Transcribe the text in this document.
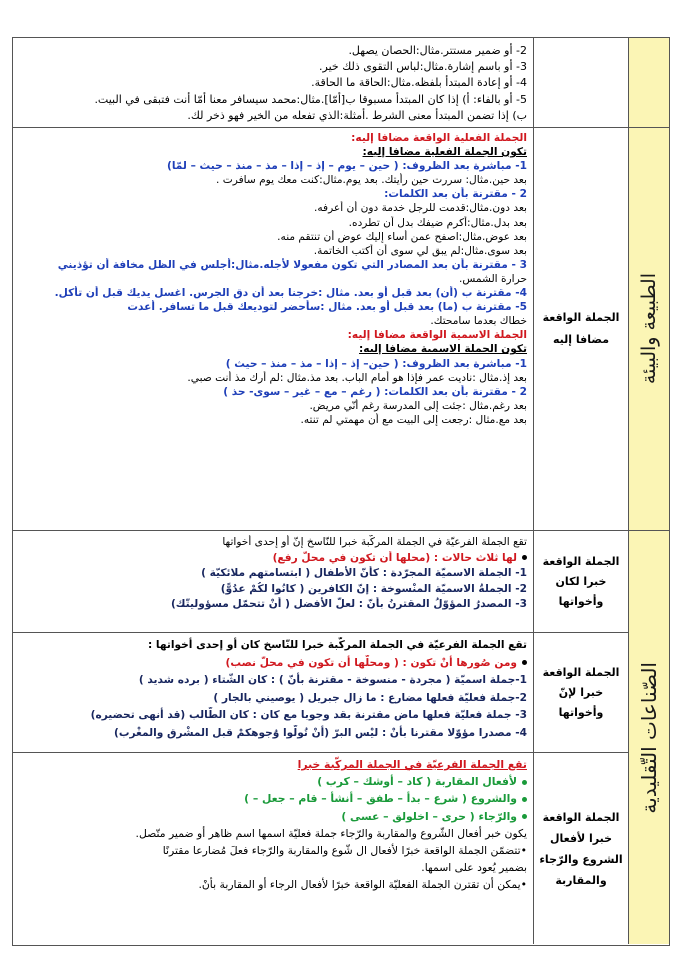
2- أو ضمير مستتر.مثال:الحصان يصهل.
3- أو باسم إشارة.مثال:لباس التقوى ذلك خير.
4- أو إعادة المبتدأ بلفظه.مثال:الحاقة ما الحاقة.
5- أو بالفاء: أ) إذا كان المبتدأ مسبوقا ب[أمّا].مثال:محمد سيسافر معنا أمّا أنت فتبقى في البيت.
ب) إذا تضمن المبتدأ معنى الشرط .أمثلة:الذي تفعله من الخير فهو ذخر لك.
الطبيعة والبيئة
الجملة الواقعة
مضافا إليه
الجملة الفعلية الواقعة مضافا إليه:
تكون الجملة الفعلية مضافا إليه:
1- مباشرة بعد الظروف: ( حين – يوم – إذ – إذا – مذ – منذ – حيث – لمّا)
بعد حين.مثال: سررت حين رأيتك. بعد يوم.مثال:كنت معك يوم سافرت .
2 - مقترنة بأن بعد الكلمات:
بعد دون.مثال:قدمت للرجل خدمة دون أن أعرفه.
بعد بدل.مثال:أكرم ضيفك بدل أن تطرده.
بعد عوض.مثال:اصفح عمن أساء إليك عوض أن تنتقم منه.
بعد سوى.مثال:لم يبق لي سوى أن أكتب الخاتمة.
3 - مقترنة بأن بعد المصادر التي تكون مفعولا لأجله.مثال:أجلس في الظل مخافة أن تؤذيني
حرارة الشمس.
4- مقترنة ب (أن) بعد قبل أو بعد. مثال :خرجنا بعد أن دق الجرس. اغسل يديك قبل أن تأكل.
5- مقترنة ب (ما) بعد قبل أو بعد. مثال :سأحضر لتوديعك قبل ما تسافر. أعدت
خطاك بعدما سامحتك.
الجملة الاسمية الواقعة مضافا إليه:
تكون الجملة الاسمية مضافا إليه:
1- مباشرة بعد الظروف: ( حين– إذ – إذا – مذ – منذ – حيث )
بعد إذ.مثال :ناديت عمر فإذا هو أمام الباب. بعد مذ.مثال :لم أرك مذ أنت صبي.
2 - مقترنة بأن بعد الكلمات: ( رغم – مع – غير – سوى- حذ )
بعد رغم.مثال :جئت إلى المدرسة رغم أنّي مريض.
بعد مع.مثال :رجعت إلى البيت مع أن مهمتي لم تنته.
الصّناعات التّقليدية
الجملة الواقعة
خبرا لكان
وأخواتها
تقع الجملة الفرعيّة في الجملة المركّبة خبرا للنّاسخ إنّ أو إحدى أخواتها
لها ثلاث حالات : (محلها أن تكون في محلّ رفع)
1- الجملة الاسميّة المجرّدة : كأنّ الأطفال ( ابتسامتهم ملائكيّة )
2- الجملةُ الاسميّة المنْسوخة : إنّ الكافرين ( كانُوا لكُمْ عدُوًّ)
3- المصدرُ المؤوّلُ المقترنُ بأنّ : لعلّ الأفضل ( أنْ تتحمّل مسؤوليتّك)
الجملة الواقعة
خبرا لإنّ
وأخواتها
تقع الجملة الفرعيّة في الجملة المركّبة خبرا للنّاسخ كان أو إحدى أخواتها :
ومن صُورها أنْ تكون : ( ومحلّها أن تكون في محلّ نصب)
1-جملة اسميّة ( مجردة - منسوخة - مقترنة بأنّ ) : كان الشّتاء ( برده شديد )
2-جملة فعليّة فعلها مضارع : ما زال جبريل ( يوصيني بالجار )
3- جملة فعليّة فعلها ماض مقترنة بقد وجوبا مع كان : كان الطّالب (قد أنهى تحضيره)
4- مصدرا مؤوّلا مقترنا بأنْ : ليْس البرّ (أنْ تُولُّوا وُجوهكمْ قبل المشْرق والمغْرب)
الجملة الواقعة
خبرا لأفعال
الشروع والرّجاء
والمقاربة
تقع الجملة الفرعيّة في الجملة المركّبة خبرا
لأفعال المقاربة ( كاد – أوشك – كرب )
والشروع ( شرع – بدأ – طفق – أنشأ – قام – جعل – )
والرّجاء ( حرى – اخلولق – عسى )
يكون خبر أفعال الشّروع والمقاربة والرّجاء جملة فعليّة اسمها اسم ظاهر أو ضمير متّصل.
•تتضمّن الجملة الواقعة خبرًا لأفعال ال شّوع والمقاربة والرّجاء فعلَ مُضارعا مقترنًا
بضمير يُعود على اسمها.
•يمكن أن تقترن الجملة الفعليّة الواقعة خبرًا لأفعال الرجاء أو المقاربة بأنْ.
